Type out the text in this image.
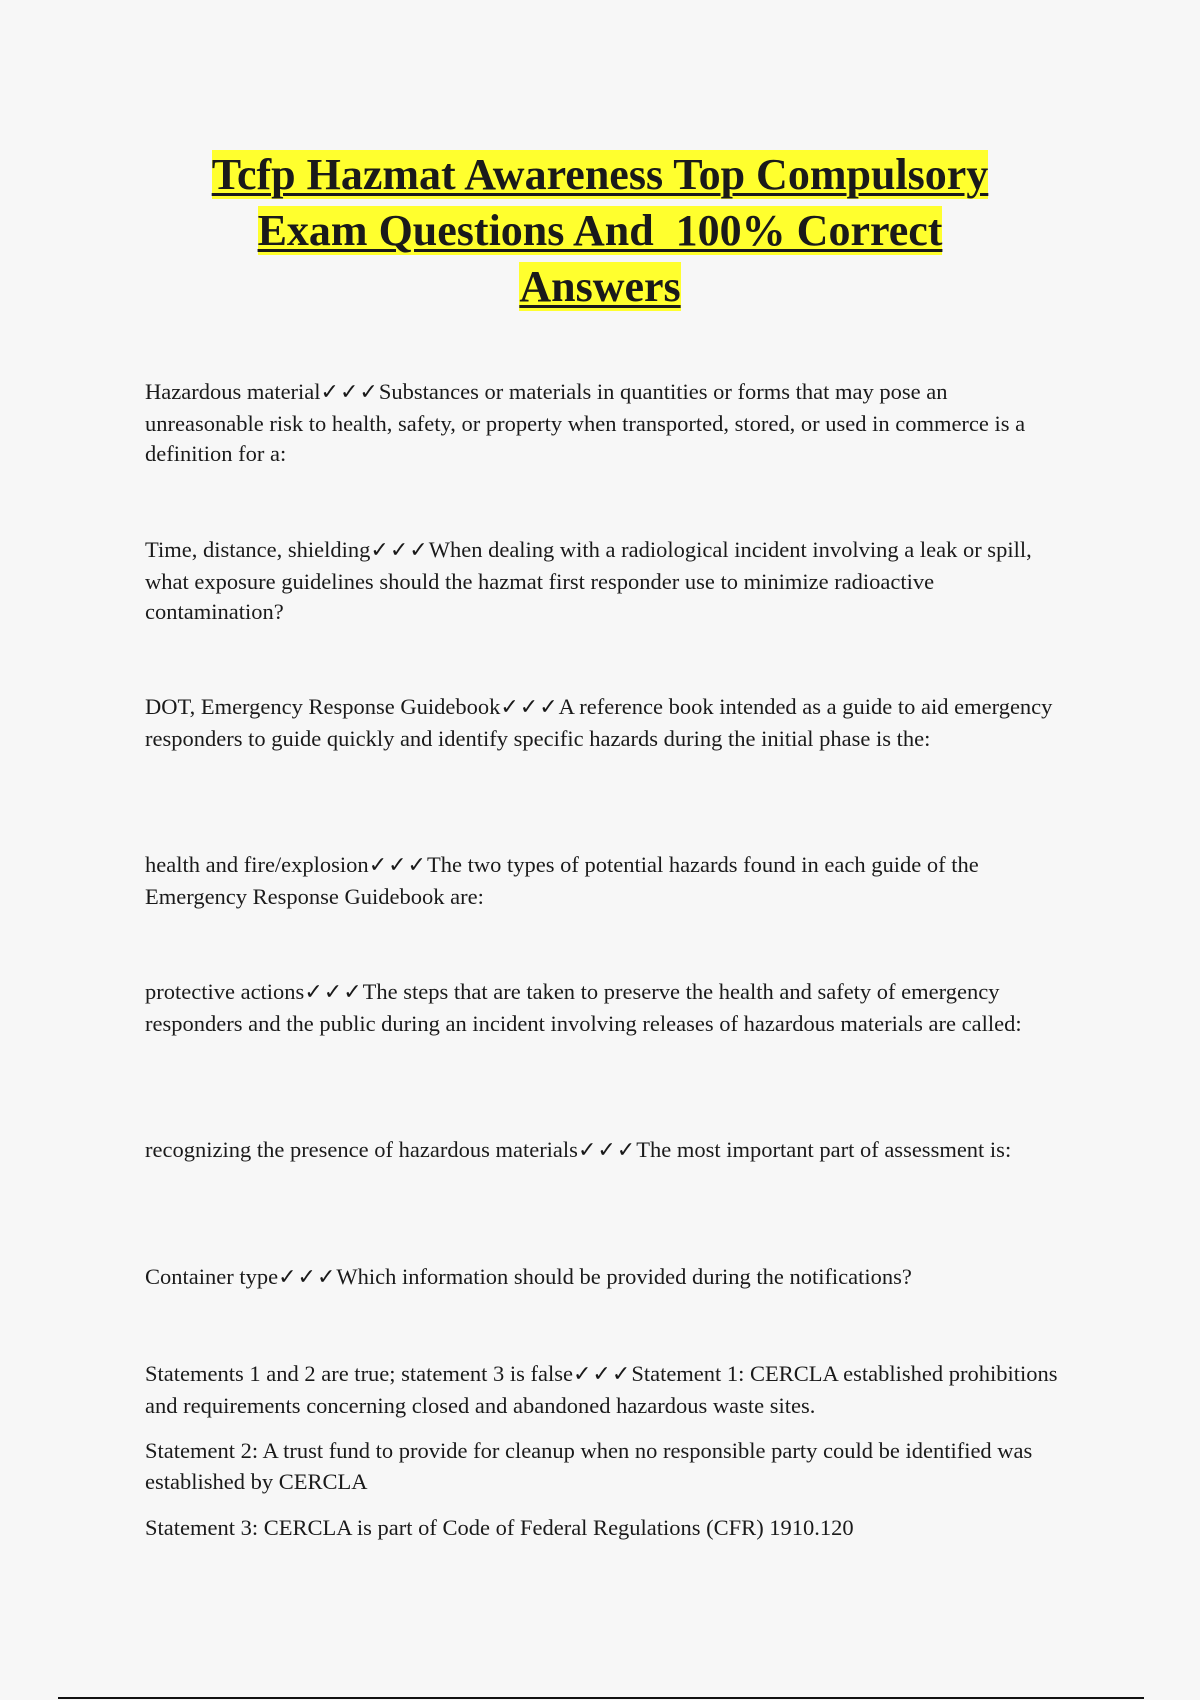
Tcfp Hazmat Awareness Top Compulsory
Exam Questions And  100% Correct
Answers

Hazardous material✓✓✓Substances or materials in quantities or forms that may pose an unreasonable risk to health, safety, or property when transported, stored, or used in commerce is a definition for a:

Time, distance, shielding✓✓✓When dealing with a radiological incident involving a leak or spill, what exposure guidelines should the hazmat first responder use to minimize radioactive contamination?

DOT, Emergency Response Guidebook✓✓✓A reference book intended as a guide to aid emergency responders to guide quickly and identify specific hazards during the initial phase is the:

health and fire/explosion✓✓✓The two types of potential hazards found in each guide of the Emergency Response Guidebook are:

protective actions✓✓✓The steps that are taken to preserve the health and safety of emergency responders and the public during an incident involving releases of hazardous materials are called:

recognizing the presence of hazardous materials✓✓✓The most important part of assessment is:

Container type✓✓✓Which information should be provided during the notifications?

Statements 1 and 2 are true; statement 3 is false✓✓✓Statement 1: CERCLA established prohibitions and requirements concerning closed and abandoned hazardous waste sites.

Statement 2: A trust fund to provide for cleanup when no responsible party could be identified was established by CERCLA

Statement 3: CERCLA is part of Code of Federal Regulations (CFR) 1910.120
